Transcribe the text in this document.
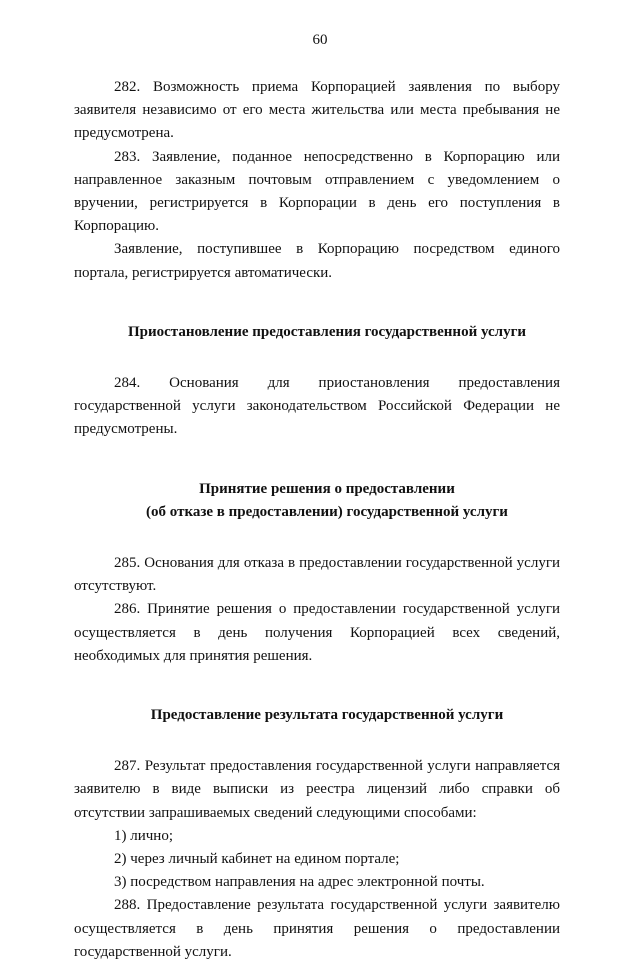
60

282. Возможность приема Корпорацией заявления по выбору заявителя независимо от его места жительства или места пребывания не предусмотрена.

283. Заявление, поданное непосредственно в Корпорацию или направленное заказным почтовым отправлением с уведомлением о вручении, регистрируется в Корпорации в день его поступления в Корпорацию.

Заявление, поступившее в Корпорацию посредством единого портала, регистрируется автоматически.

Приостановление предоставления государственной услуги

284. Основания для приостановления предоставления государственной услуги законодательством Российской Федерации не предусмотрены.

Принятие решения о предоставлении
(об отказе в предоставлении) государственной услуги

285. Основания для отказа в предоставлении государственной услуги отсутствуют.

286. Принятие решения о предоставлении государственной услуги осуществляется в день получения Корпорацией всех сведений, необходимых для принятия решения.

Предоставление результата государственной услуги

287. Результат предоставления государственной услуги направляется заявителю в виде выписки из реестра лицензий либо справки об отсутствии запрашиваемых сведений следующими способами:

1) лично;

2) через личный кабинет на едином портале;

3) посредством направления на адрес электронной почты.

288. Предоставление результата государственной услуги заявителю осуществляется в день принятия решения о предоставлении государственной услуги.
